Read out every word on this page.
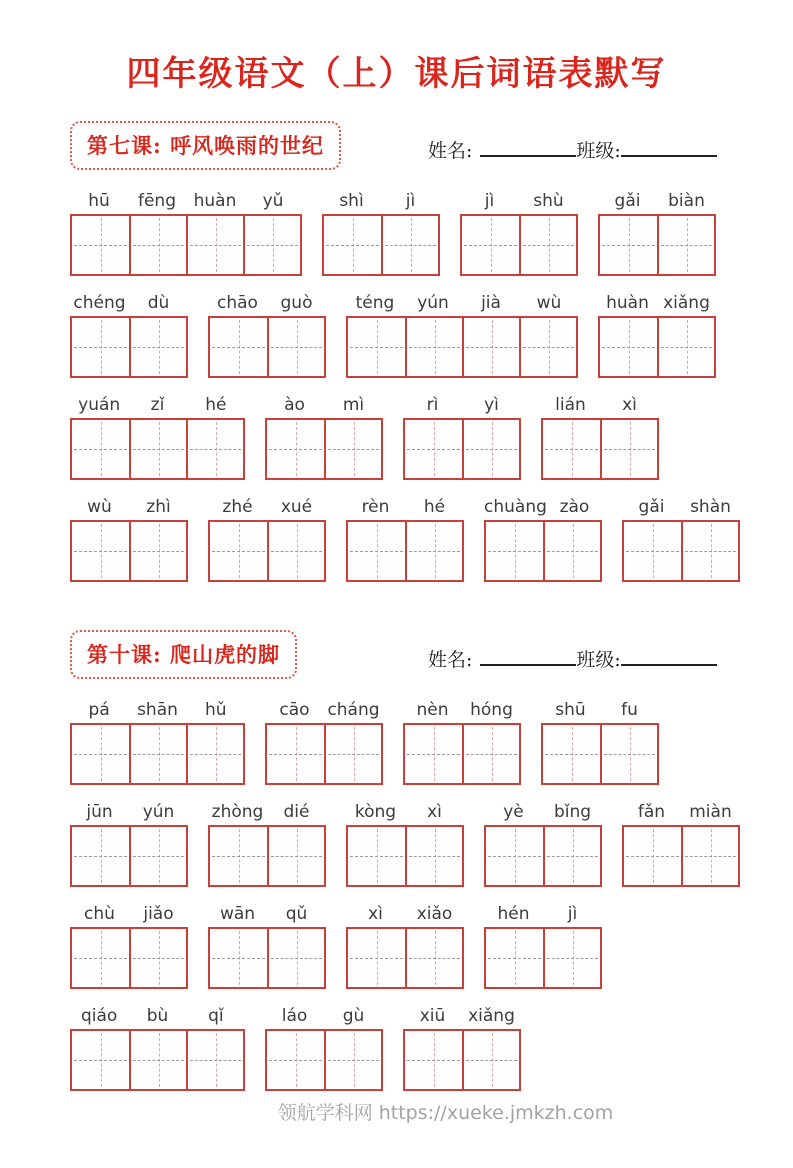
四年级语文（上）课后词语表默写
第七课: 呼风唤雨的世纪	姓名:	班级:
hū	fēng	huàn	yǔ	shì	jì	jì	shù	gǎi	biàn
chéng	dù	chāo	guò	téng	yún	jià	wù	huàn xiǎng
yuán	zǐ	hé	ào	mì	rì	yì	lián	xì
wù	zhì	zhé	xué	rèn	hé	chuàng zào	gǎi	shàn
第十课: 爬山虎的脚	姓名:	班级:
pá	shān	hǔ	cāo	cháng	nèn	hóng	shū	fu
jūn	yún	zhòng	dié	kòng	xì	yè	bǐng	fǎn	miàn
chù	jiǎo	wān	qǔ	xì	xiǎo	hén	jì
qiáo	bù	qǐ	láo	gù	xiū	xiǎng
领航学科网 https://xueke.jmkzh.com
